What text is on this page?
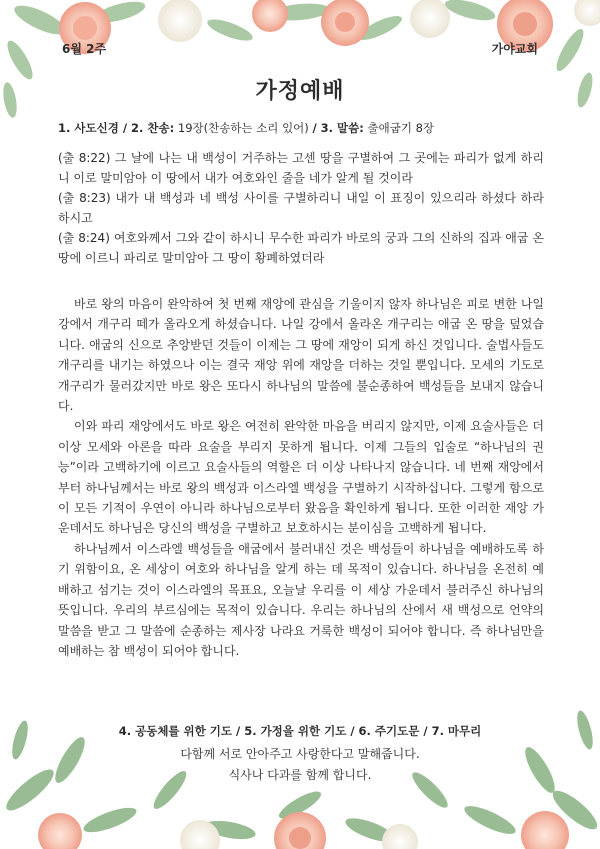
6월 2주	가야교회
가정예배
1. 사도신경 / 2. 찬송: 19장(찬송하는 소리 있어) / 3. 말씀: 출애굽기 8장

(출 8:22) 그 날에 나는 내 백성이 거주하는 고센 땅을 구별하여 그 곳에는 파리가 없게 하리니 이로 말미암아 이 땅에서 내가 여호와인 줄을 네가 알게 될 것이라

(출 8:23) 내가 내 백성과 네 백성 사이를 구별하리니 내일 이 표징이 있으리라 하셨다 하라 하시고

(출 8:24) 여호와께서 그와 같이 하시니 무수한 파리가 바로의 궁과 그의 신하의 집과 애굽 온 땅에 이르니 파리로 말미암아 그 땅이 황폐하였더라

바로 왕의 마음이 완악하여 첫 번째 재앙에 관심을 기울이지 않자 하나님은 피로 변한 나일 강에서 개구리 떼가 올라오게 하셨습니다. 나일 강에서 올라온 개구리는 애굽 온 땅을 덮었습니다. 애굽의 신으로 추앙받던 것들이 이제는 그 땅에 재앙이 되게 하신 것입니다. 술법사들도 개구리를 내기는 하였으나 이는 결국 재앙 위에 재앙을 더하는 것일 뿐입니다. 모세의 기도로 개구리가 물러갔지만 바로 왕은 또다시 하나님의 말씀에 불순종하여 백성들을 보내지 않습니다.

이와 파리 재앙에서도 바로 왕은 여전히 완악한 마음을 버리지 않지만, 이제 요술사들은 더 이상 모세와 아론을 따라 요술을 부리지 못하게 됩니다. 이제 그들의 입술로 “하나님의 권능”이라 고백하기에 이르고 요술사들의 역할은 더 이상 나타나지 않습니다. 네 번째 재앙에서부터 하나님께서는 바로 왕의 백성과 이스라엘 백성을 구별하기 시작하십니다. 그렇게 함으로 이 모든 기적이 우연이 아니라 하나님으로부터 왔음을 확인하게 됩니다. 또한 이러한 재앙 가운데서도 하나님은 당신의 백성을 구별하고 보호하시는 분이심을 고백하게 됩니다.

하나님께서 이스라엘 백성들을 애굽에서 불러내신 것은 백성들이 하나님을 예배하도록 하기 위함이요, 온 세상이 여호와 하나님을 알게 하는 데 목적이 있습니다. 하나님을 온전히 예배하고 섬기는 것이 이스라엘의 목표요, 오늘날 우리를 이 세상 가운데서 불러주신 하나님의 뜻입니다. 우리의 부르심에는 목적이 있습니다. 우리는 하나님의 산에서 새 백성으로 언약의 말씀을 받고 그 말씀에 순종하는 제사장 나라요 거룩한 백성이 되어야 합니다. 즉 하나님만을 예배하는 참 백성이 되어야 합니다.

4. 공동체를 위한 기도 / 5. 가정을 위한 기도 / 6. 주기도문 / 7. 마무리
다함께 서로 안아주고 사랑한다고 말해줍니다.
식사나 다과를 함께 합니다.
